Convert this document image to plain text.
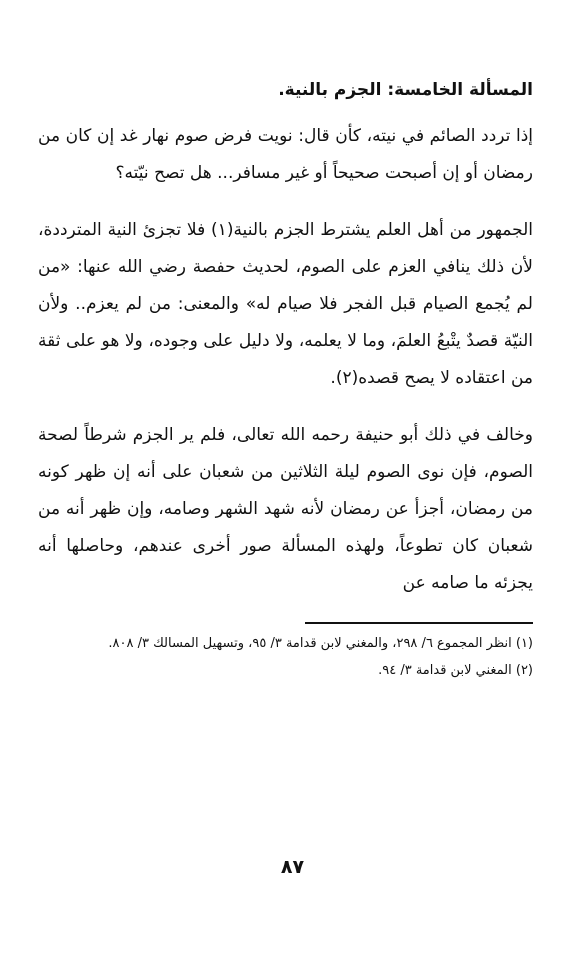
المسألة الخامسة: الجزم بالنية.

إذا تردد الصائم في نيته، كأن قال: نويت فرض صوم نهار غد إن كان من رمضان أو إن أصبحت صحيحاً أو غير مسافر... هل تصح نيّته؟

الجمهور من أهل العلم يشترط الجزم بالنية(١) فلا تجزئ النية المترددة، لأن ذلك ينافي العزم على الصوم، لحديث حفصة رضي الله عنها: «من لم يُجمع الصيام قبل الفجر فلا صيام له» والمعنى: من لم يعزم.. ولأن النيّة قصدٌ يتْبعُ العلمَ، وما لا يعلمه، ولا دليل على وجوده، ولا هو على ثقة من اعتقاده لا يصح قصده(٢).

وخالف في ذلك أبو حنيفة رحمه الله تعالى، فلم ير الجزم شرطاً لصحة الصوم، فإن نوى الصوم ليلة الثلاثين من شعبان على أنه إن ظهر كونه من رمضان، أجزأ عن رمضان لأنه شهد الشهر وصامه، وإن ظهر أنه من شعبان كان تطوعاً، ولهذه المسألة صور أخرى عندهم، وحاصلها أنه يجزئه ما صامه عن

(١) انظر المجموع ٦/ ٢٩٨، والمغني لابن قدامة ٣/ ٩٥، وتسهيل المسالك ٣/ ٨٠٨.

(٢) المغني لابن قدامة ٣/ ٩٤.

٨٧
